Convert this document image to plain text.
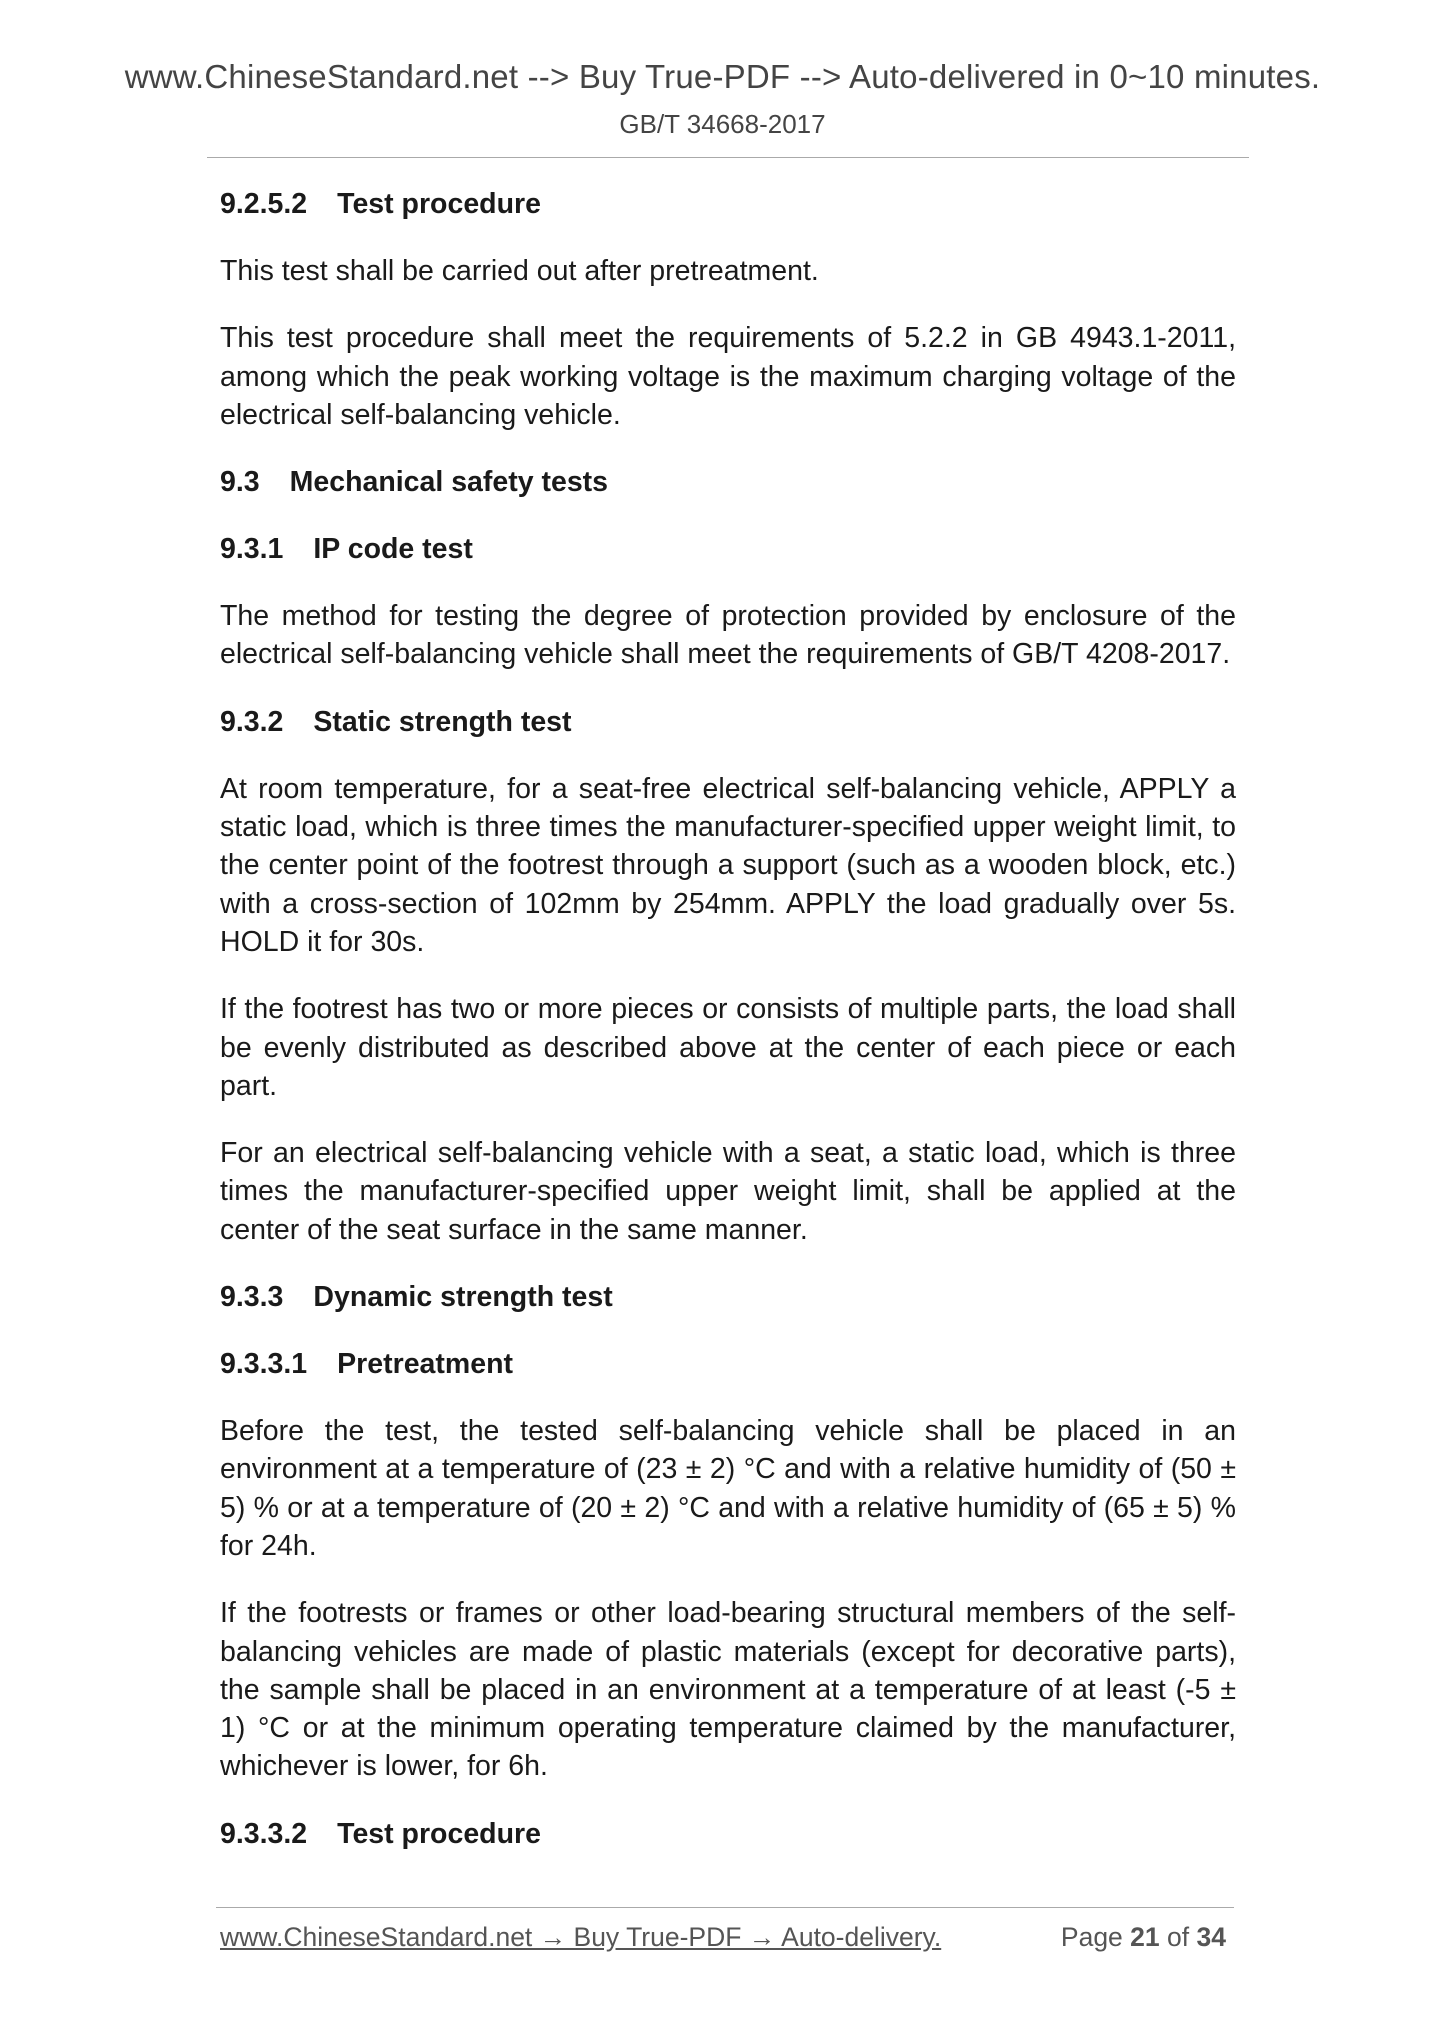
www.ChineseStandard.net --> Buy True-PDF --> Auto-delivered in 0~10 minutes.
GB/T 34668-2017
9.2.5.2 Test procedure

This test shall be carried out after pretreatment.

This test procedure shall meet the requirements of 5.2.2 in GB 4943.1-2011, among which the peak working voltage is the maximum charging voltage of the electrical self-balancing vehicle.

9.3 Mechanical safety tests
9.3.1 IP code test

The method for testing the degree of protection provided by enclosure of the electrical self-balancing vehicle shall meet the requirements of GB/T 4208-2017.

9.3.2 Static strength test

At room temperature, for a seat-free electrical self-balancing vehicle, APPLY a static load, which is three times the manufacturer-specified upper weight limit, to the center point of the footrest through a support (such as a wooden block, etc.) with a cross-section of 102mm by 254mm. APPLY the load gradually over 5s. HOLD it for 30s.

If the footrest has two or more pieces or consists of multiple parts, the load shall be evenly distributed as described above at the center of each piece or each part.

For an electrical self-balancing vehicle with a seat, a static load, which is three times the manufacturer-specified upper weight limit, shall be applied at the center of the seat surface in the same manner.

9.3.3 Dynamic strength test
9.3.3.1 Pretreatment

Before the test, the tested self-balancing vehicle shall be placed in an environment at a temperature of (23 ± 2) °C and with a relative humidity of (50 ± 5) % or at a temperature of (20 ± 2) °C and with a relative humidity of (65 ± 5) % for 24h.

If the footrests or frames or other load-bearing structural members of the self-balancing vehicles are made of plastic materials (except for decorative parts), the sample shall be placed in an environment at a temperature of at least (-5 ± 1) °C or at the minimum operating temperature claimed by the manufacturer, whichever is lower, for 6h.

9.3.3.2 Test procedure
www.ChineseStandard.net → Buy True-PDF → Auto-delivery.	Page 21 of 34
